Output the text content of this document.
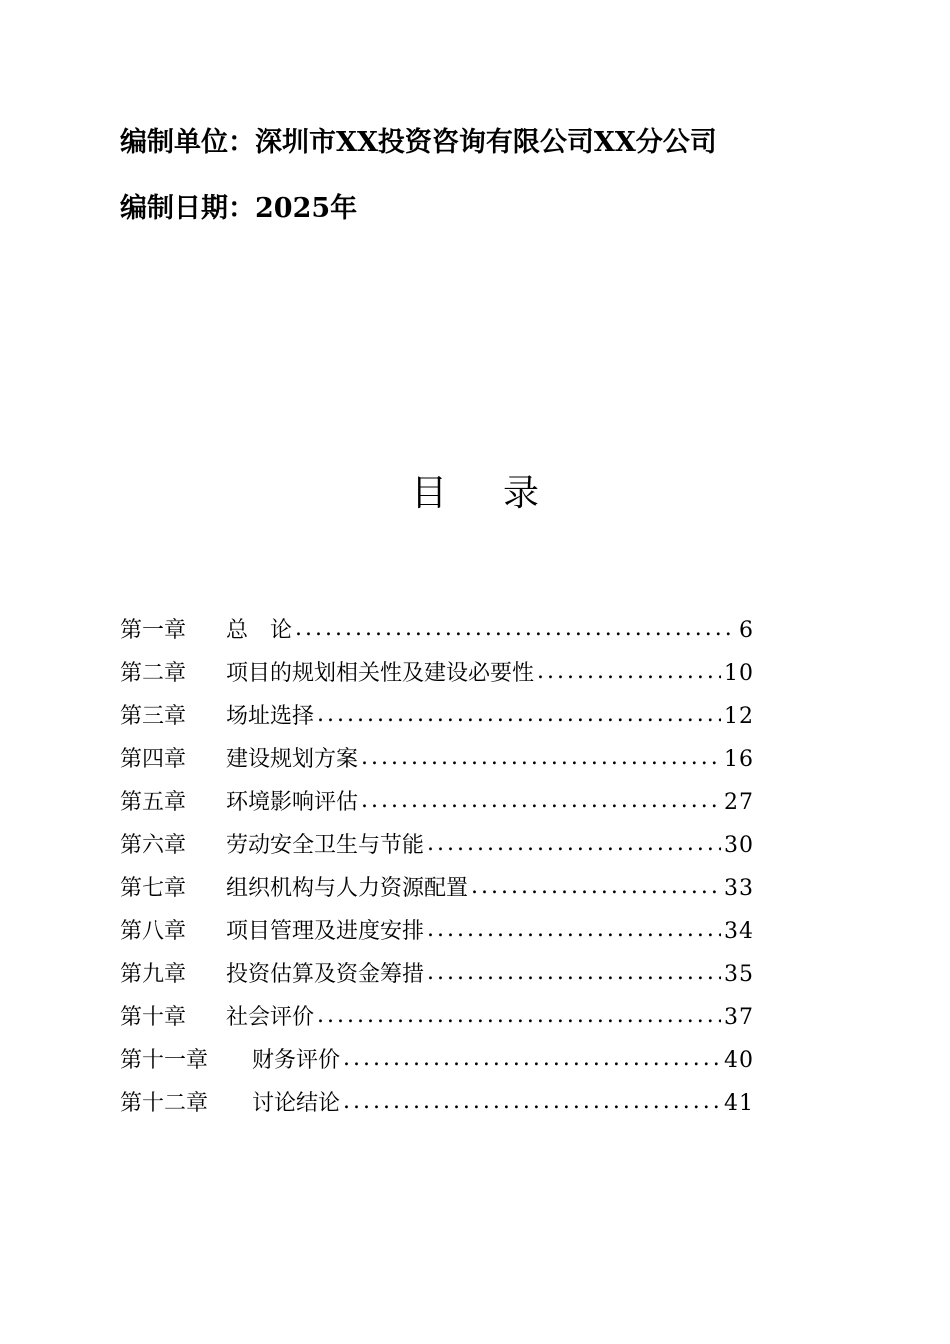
编制单位：深圳市XX投资咨询有限公司XX分公司
编制日期：2025年
目录
第一章	总　论 .....	6
第二章	项目的规划相关性及建设必要性 .....	10
第三章	场址选择 .....	12
第四章	建设规划方案 .....	16
第五章	环境影响评估 .....	27
第六章	劳动安全卫生与节能 .....	30
第七章	组织机构与人力资源配置 .....	33
第八章	项目管理及进度安排 .....	34
第九章	投资估算及资金筹措 .....	35
第十章	社会评价 .....	37
第十一章	财务评价 .....	40
第十二章	讨论结论 .....	41
